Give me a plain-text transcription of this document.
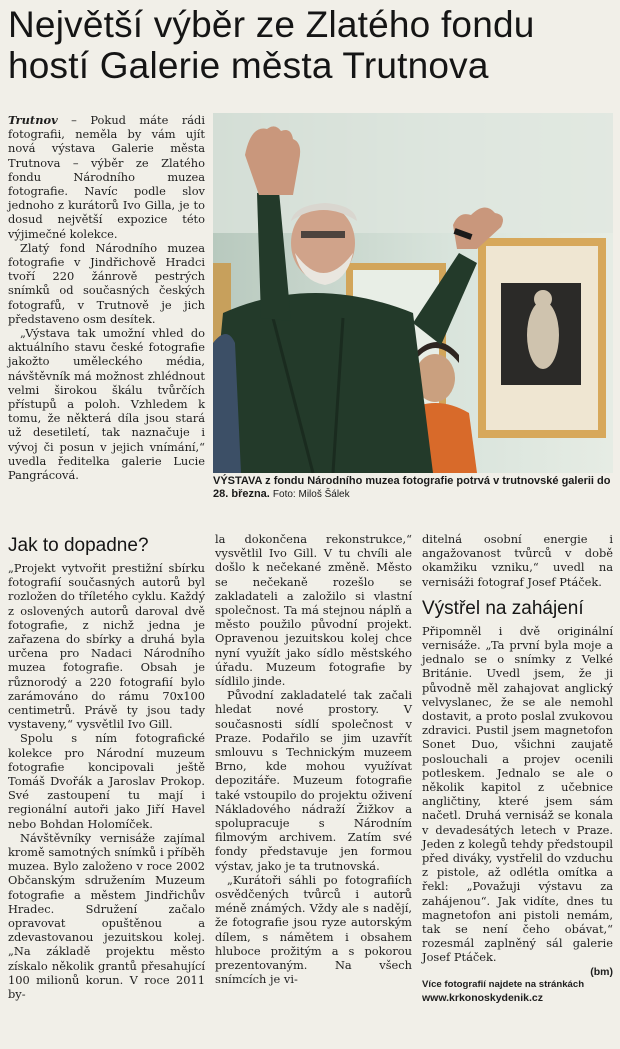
Největší výběr ze Zlatého fondu hostí Galerie města Trutnova

Trutnov – Pokud máte rádi fotografii, neměla by vám ujít nová výstava Galerie města Trutnova – výběr ze Zlatého fondu Národního muzea fotografie. Navíc podle slov jednoho z kurátorů Ivo Gilla, je to dosud největší expozice této výjimečné kolekce.

Zlatý fond Národního muzea fotografie v Jindřichově Hradci tvoří 220 žánrově pestrých snímků od současných českých fotografů, v Trutnově je jich představeno osm desítek.

„Výstava tak umožní vhled do aktuálního stavu české fotografie jakožto uměleckého média, návštěvník má možnost zhlédnout velmi širokou škálu tvůrčích přístupů a poloh. Vzhledem k tomu, že některá díla jsou stará už desetiletí, tak naznačuje i vývoj či posun v jejich vnímání,“ uvedla ředitelka galerie Lucie Pangrácová.	VÝSTAVA z fondu Národního muzea fotografie potrvá v trutnovské galerii do 28. března. Foto: Miloš Šálek
Jak to dopadne?

„Projekt vytvořit prestižní sbírku fotografií současných autorů byl rozložen do tříletého cyklu. Každý z oslovených autorů daroval dvě fotografie, z nichž jedna je zařazena do sbírky a druhá byla určena pro Nadaci Národního muzea fotografie. Obsah je různorodý a 220 fotografií bylo zarámováno do rámu 70x100 centimetrů. Právě ty jsou tady vystaveny,“ vysvětlil Ivo Gill.

Spolu s ním fotografické kolekce pro Národní muzeum fotografie koncipovali ještě Tomáš Dvořák a Jaroslav Prokop. Své zastoupení tu mají i regionální autoři jako Jiří Havel nebo Bohdan Holomíček.

Návštěvníky vernisáže zajímal kromě samotných snímků i příběh muzea. Bylo založeno v roce 2002 Občanským sdružením Muzeum fotografie a městem Jindřichův Hradec. Sdružení začalo opravovat opuštěnou a zdevastovanou jezuitskou kolej. „Na základě projektu město získalo několik grantů přesahující 100 milionů korun. V roce 2011 by-

la dokončena rekonstrukce,“ vysvětlil Ivo Gill. V tu chvíli ale došlo k nečekané změně. Město se nečekaně rozešlo se zakladateli a založilo si vlastní společnost. Ta má stejnou náplň a město použilo původní projekt. Opravenou jezuitskou kolej chce nyní využít jako sídlo městského úřadu. Muzeum fotografie by sídlilo jinde.

Původní zakladatelé tak začali hledat nové prostory. V současnosti sídlí společnost v Praze. Podařilo se jim uzavřít smlouvu s Technickým muzeem Brno, kde mohou využívat depozitáře. Muzeum fotografie také vstoupilo do projektu oživení Nákladového nádraží Žižkov a spolupracuje s Národním filmovým archivem. Zatím své fondy představuje jen formou výstav, jako je ta trutnovská.

„Kurátoři sáhli po fotografiích osvědčených tvůrců i autorů méně známých. Vždy ale s nadějí, že fotografie jsou ryze autorským dílem, s námětem i obsahem hluboce prožitým a s pokorou prezentovaným. Na všech snímcích je vi-

ditelná osobní energie i angažovanost tvůrců v době okamžiku vzniku,“ uvedl na vernisáži fotograf Josef Ptáček.

Výstřel na zahájení

Připomněl i dvě originální vernisáže. „Ta první byla moje a jednalo se o snímky z Velké Británie. Uvedl jsem, že ji původně měl zahajovat anglický velvyslanec, že se ale nemohl dostavit, a proto poslal zvukovou zdravici. Pustil jsem magnetofon Sonet Duo, všichni zaujatě poslouchali a projev ocenili potleskem. Jednalo se ale o několik kapitol z učebnice angličtiny, které jsem sám načetl. Druhá vernisáž se konala v devadesátých letech v Praze. Jeden z kolegů tehdy předstoupil před diváky, vystřelil do vzduchu z pistole, až odlétla omítka a řekl: „Považuji výstavu za zahájenou“. Jak vidíte, dnes tu magnetofon ani pistoli nemám, tak se není čeho obávat,“ rozesmál zaplněný sál galerie Josef Ptáček.

(bm)
Více fotografií najdete na stránkách
www.krkonoskydenik.cz
